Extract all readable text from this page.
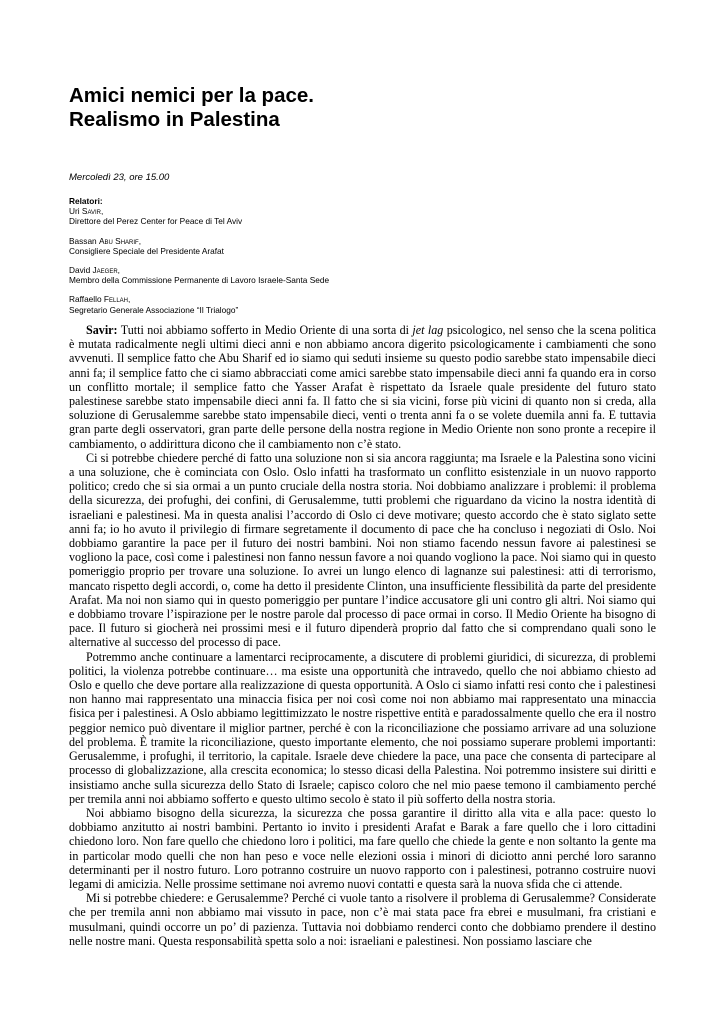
Amici nemici per la pace.
Realismo in Palestina
Mercoledì 23, ore 15.00
Relatori:
Uri Savir,
Direttore del Perez Center for Peace di Tel Aviv
Bassan Abu Sharif,
Consigliere Speciale del Presidente Arafat
David Jaeger,
Membro della Commissione Permanente di Lavoro Israele-Santa Sede
Raffaello Fellah,
Segretario Generale Associazione “Il Trialogo”

Savir: Tutti noi abbiamo sofferto in Medio Oriente di una sorta di jet lag psicologico, nel senso che la scena politica è mutata radicalmente negli ultimi dieci anni e non abbiamo ancora digerito psicologicamente i cambiamenti che sono avvenuti. Il semplice fatto che Abu Sharif ed io siamo qui seduti insieme su questo podio sarebbe stato impensabile dieci anni fa; il semplice fatto che ci siamo abbracciati come amici sarebbe stato impensabile dieci anni fa quando era in corso un conflitto mortale; il semplice fatto che Yasser Arafat è rispettato da Israele quale presidente del futuro stato palestinese sarebbe stato impensabile dieci anni fa. Il fatto che si sia vicini, forse più vicini di quanto non si creda, alla soluzione di Gerusalemme sarebbe stato impensabile dieci, venti o trenta anni fa o se volete duemila anni fa. E tuttavia gran parte degli osservatori, gran parte delle persone della nostra regione in Medio Oriente non sono pronte a recepire il cambiamento, o addirittura dicono che il cambiamento non c’è stato.

Ci si potrebbe chiedere perché di fatto una soluzione non si sia ancora raggiunta; ma Israele e la Palestina sono vicini a una soluzione, che è cominciata con Oslo. Oslo infatti ha trasformato un conflitto esistenziale in un nuovo rapporto politico; credo che si sia ormai a un punto cruciale della nostra storia. Noi dobbiamo analizzare i problemi: il problema della sicurezza, dei profughi, dei confini, di Gerusalemme, tutti problemi che riguardano da vicino la nostra identità di israeliani e palestinesi. Ma in questa analisi l’accordo di Oslo ci deve motivare; questo accordo che è stato siglato sette anni fa; io ho avuto il privilegio di firmare segretamente il documento di pace che ha concluso i negoziati di Oslo. Noi dobbiamo garantire la pace per il futuro dei nostri bambini. Noi non stiamo facendo nessun favore ai palestinesi se vogliono la pace, così come i palestinesi non fanno nessun favore a noi quando vogliono la pace. Noi siamo qui in questo pomeriggio proprio per trovare una soluzione. Io avrei un lungo elenco di lagnanze sui palestinesi: atti di terrorismo, mancato rispetto degli accordi, o, come ha detto il presidente Clinton, una insufficiente flessibilità da parte del presidente Arafat. Ma noi non siamo qui in questo pomeriggio per puntare l’indice accusatore gli uni contro gli altri. Noi siamo qui e dobbiamo trovare l’ispirazione per le nostre parole dal processo di pace ormai in corso. Il Medio Oriente ha bisogno di pace. Il futuro si giocherà nei prossimi mesi e il futuro dipenderà proprio dal fatto che si comprendano quali sono le alternative al successo del processo di pace.

Potremmo anche continuare a lamentarci reciprocamente, a discutere di problemi giuridici, di sicurezza, di problemi politici, la violenza potrebbe continuare… ma esiste una opportunità che intravedo, quello che noi abbiamo chiesto ad Oslo e quello che deve portare alla realizzazione di questa opportunità. A Oslo ci siamo infatti resi conto che i palestinesi non hanno mai rappresentato una minaccia fisica per noi così come noi non abbiamo mai rappresentato una minaccia fisica per i palestinesi. A Oslo abbiamo legittimizzato le nostre rispettive entità e paradossalmente quello che era il nostro peggior nemico può diventare il miglior partner, perché è con la riconciliazione che possiamo arrivare ad una soluzione del problema. È tramite la riconciliazione, questo importante elemento, che noi possiamo superare problemi importanti: Gerusalemme, i profughi, il territorio, la capitale. Israele deve chiedere la pace, una pace che consenta di partecipare al processo di globalizzazione, alla crescita economica; lo stesso dicasi della Palestina. Noi potremmo insistere sui diritti e insistiamo anche sulla sicurezza dello Stato di Israele; capisco coloro che nel mio paese temono il cambiamento perché per tremila anni noi abbiamo sofferto e questo ultimo secolo è stato il più sofferto della nostra storia.

Noi abbiamo bisogno della sicurezza, la sicurezza che possa garantire il diritto alla vita e alla pace: questo lo dobbiamo anzitutto ai nostri bambini. Pertanto io invito i presidenti Arafat e Barak a fare quello che i loro cittadini chiedono loro. Non fare quello che chiedono loro i politici, ma fare quello che chiede la gente e non soltanto la gente ma in particolar modo quelli che non han peso e voce nelle elezioni ossia i minori di diciotto anni perché loro saranno determinanti per il nostro futuro. Loro potranno costruire un nuovo rapporto con i palestinesi, potranno costruire nuovi legami di amicizia. Nelle prossime settimane noi avremo nuovi contatti e questa sarà la nuova sfida che ci attende.

Mi si potrebbe chiedere: e Gerusalemme? Perché ci vuole tanto a risolvere il problema di Gerusalemme? Considerate che per tremila anni non abbiamo mai vissuto in pace, non c’è mai stata pace fra ebrei e musulmani, fra cristiani e musulmani, quindi occorre un po’ di pazienza. Tuttavia noi dobbiamo renderci conto che dobbiamo prendere il destino nelle nostre mani. Questa responsabilità spetta solo a noi: israeliani e palestinesi. Non possiamo lasciare che
